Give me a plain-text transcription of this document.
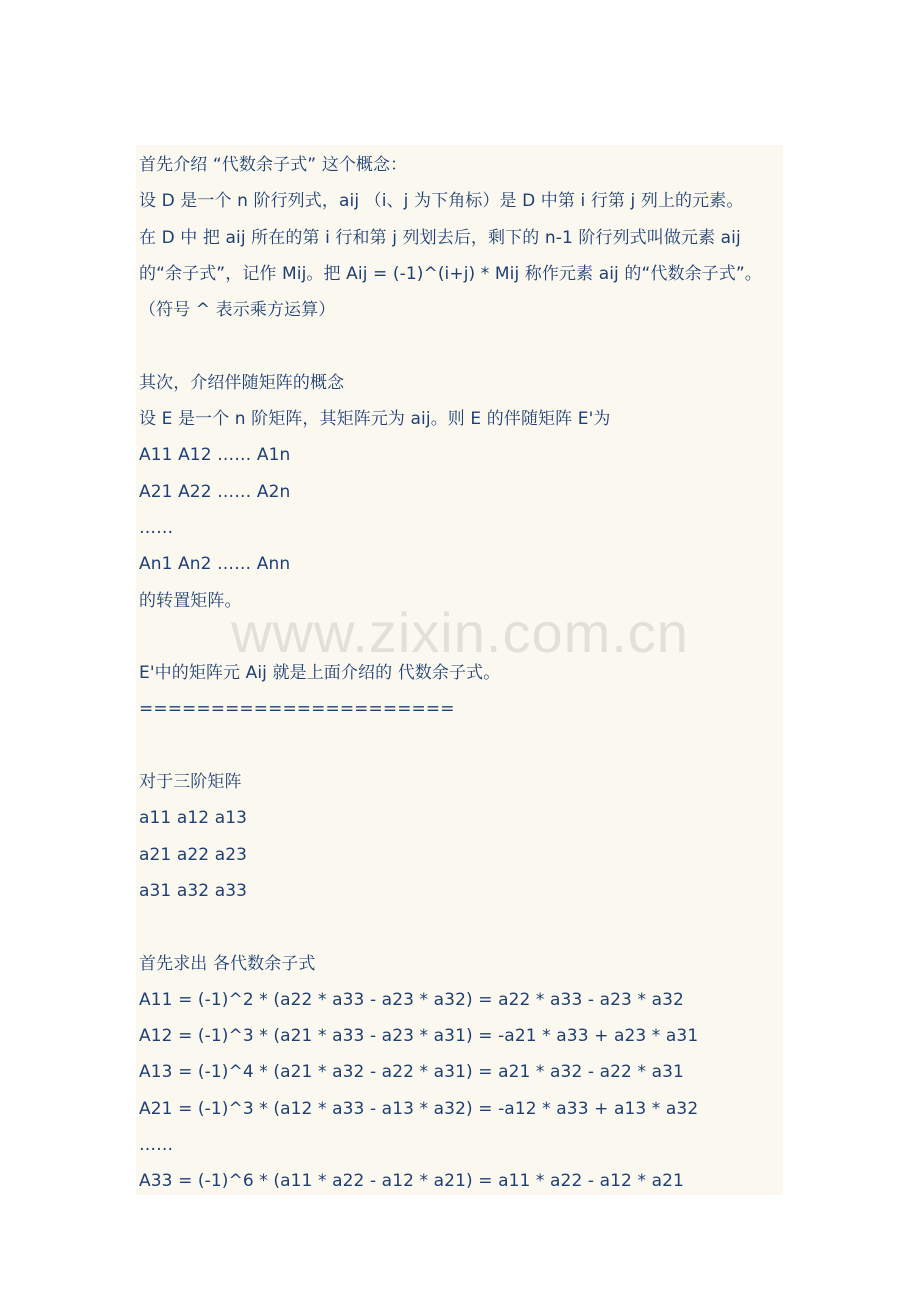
首先介绍 “代数余子式” 这个概念：
设 D 是一个 n 阶行列式，aij （i、j 为下角标）是 D 中第 i 行第 j 列上的元素。
在 D 中 把 aij 所在的第 i 行和第 j 列划去后，剩下的 n-1 阶行列式叫做元素 aij
的“余子式”，记作 Mij。把 Aij = (-1)^(i+j) * Mij 称作元素 aij 的“代数余子式”。
（符号 ^ 表示乘方运算）
其次，介绍伴随矩阵的概念
设 E 是一个 n 阶矩阵，其矩阵元为 aij。则 E 的伴随矩阵 E'为
A11 A12 …… A1n
A21 A22 …… A2n
……
An1 An2 …… Ann
的转置矩阵。
E'中的矩阵元 Aij 就是上面介绍的 代数余子式。
======================
对于三阶矩阵
a11 a12 a13
a21 a22 a23
a31 a32 a33
首先求出 各代数余子式
A11 = (-1)^2 * (a22 * a33 - a23 * a32) = a22 * a33 - a23 * a32
A12 = (-1)^3 * (a21 * a33 - a23 * a31) = -a21 * a33 + a23 * a31
A13 = (-1)^4 * (a21 * a32 - a22 * a31) = a21 * a32 - a22 * a31
A21 = (-1)^3 * (a12 * a33 - a13 * a32) = -a12 * a33 + a13 * a32
……
A33 = (-1)^6 * (a11 * a22 - a12 * a21) = a11 * a22 - a12 * a21
www.zixin.com.cn
